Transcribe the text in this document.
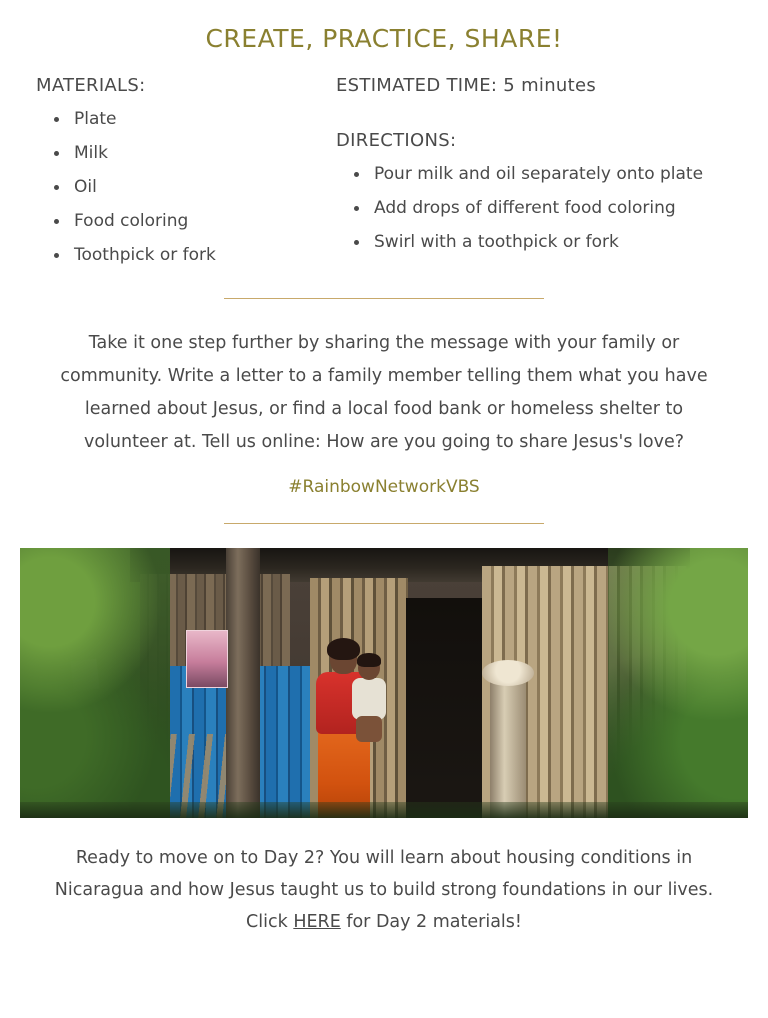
CREATE, PRACTICE, SHARE!
MATERIALS:
Plate
Milk
Oil
Food coloring
Toothpick or fork
ESTIMATED TIME: 5 minutes
DIRECTIONS:
Pour milk and oil separately onto plate
Add drops of different food coloring
Swirl with a toothpick or fork

Take it one step further by sharing the message with your family or community. Write a letter to a family member telling them what you have learned about Jesus, or find a local food bank or homeless shelter to volunteer at. Tell us online: How are you going to share Jesus's love?

#RainbowNetworkVBS
Ready to move on to Day 2? You will learn about housing conditions in
Nicaragua and how Jesus taught us to build strong foundations in our lives.
Click HERE for Day 2 materials!
